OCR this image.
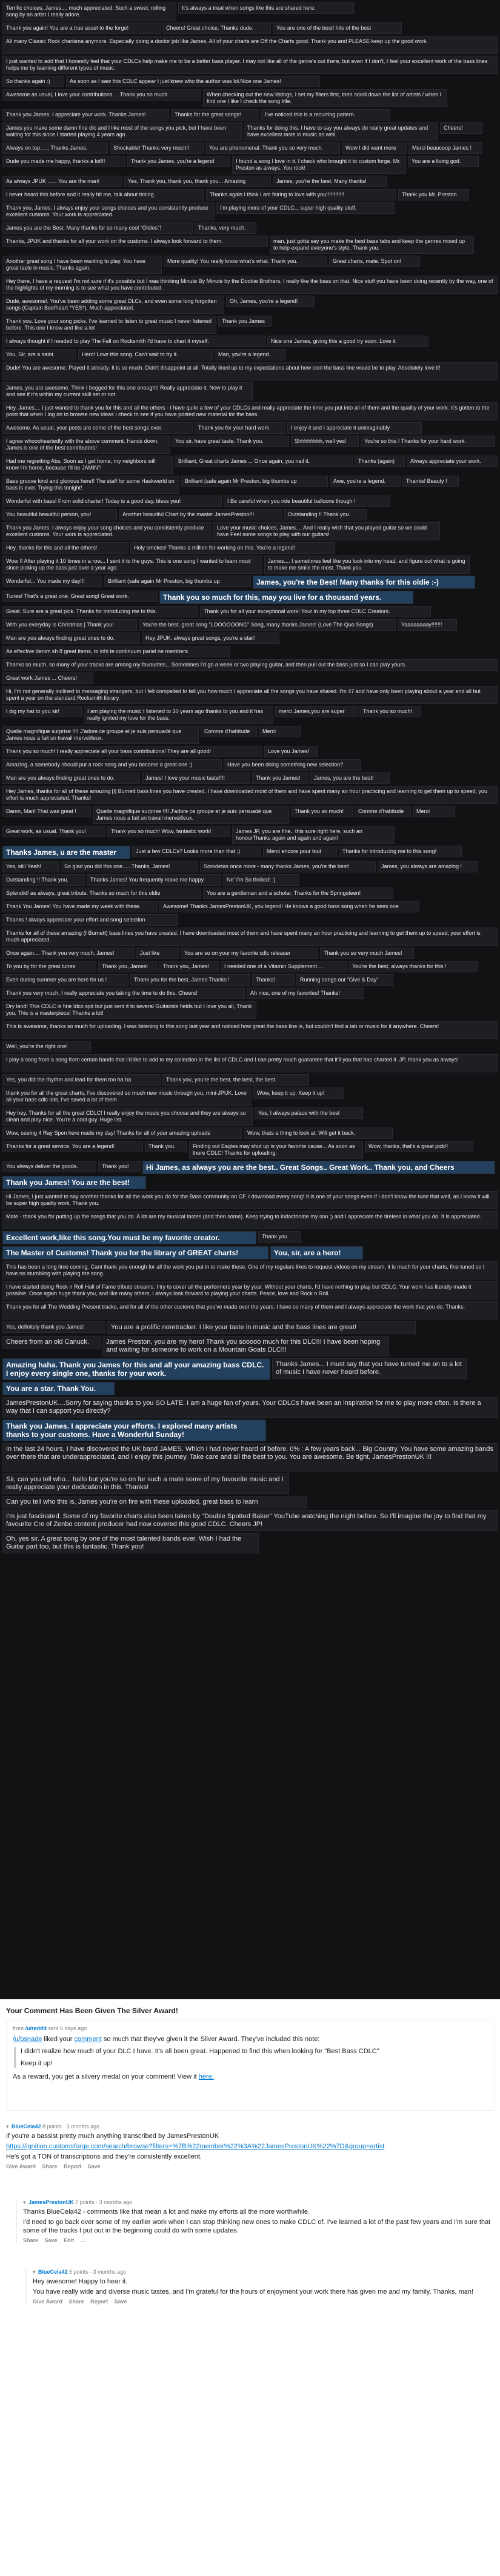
Terrific choices, James.... much appreciated. Such a sweet, rolling song by an artist I really adore.
It's always a treat when songs like this are shared here.
Thank you again! You are a true asset to the forge!	Cheers! Great choice. Thanks dude.	You are one of the best! hits of the best
All many Classic Rock charisma anymore. Especially doing a doctor job like James. All of your charts are Off the Charts good. Thank you and PLEASE keep up the good work.
I just wanted to add that I honestly feel that your CDLCs help make me to be a better bass player. I may not like all of the genre's out there, but even if I don't, I feel your excellent work of the bass lines helps me by learning different types of music.
So thanks again :)	As soon as I saw this CDLC appear I just knew who the author was lol.Nice one James!
Awesome as usual, I love your contributions ... Thank you so much	When checking out the new listings, I set my filters first, then scroll down the list of artists / when I find one I like I check the song title.
Thank you James. I appreciate your work. Thanks James!	Thanks for the great songs!	I've noticed this is a recurring pattern.
James you make some damn fine dlc and I like most of the songs you pick, but I have been waiting for this since I started playing 4 years ago.
Thanks for doing this. I have to say you always do really great updates and have excellent taste in music as well.
Cheers!
Always on top...... Thanks James.	Shockable! Thanks very much!!	You are phenomenal. Thank you so very much.	Wow I did want more	Merci beaucoup James !
Dude you made me happy, thanks a lot!!!	Thank you James, you're a legend	I found a song I love in it. I check who brought it to custom forge. Mr. Preston as always. You rock!
You are a living god.
As always JPUK ...... You are the man!	Yes, Thank you, thank you, thank you... Amazing	James, you're the best. Many thanks!
I never heard this before and it really hit me, talk about timing.	Thanks again I think I am fairing to love with you!!!!!!!!!!!!	Thank you Mr. Preston
Thank you, James. I always enjoy your songs choices and you consistently produce excellent customs. Your work is appreciated.
I'm playing more of your CDLC... super high quality stuff.
James you are the Best. Many thanks for so many cool "Oldies"!	Thanks, very much.
Thanks, JPUK and thanks for all your work on the customs. I always look forward to them.	man, just gotta say you make the best bass tabs and keep the genres mixed up to help expand everyone's style. Thank you.
Another great song I have been wanting to play. You have great taste in music. Thanks again.
More quality! You really know what's what. Thank you.	Great charts, mate. Spot on!
Hey there, I have a request I'm not sure if it's possible but I was thinking Minute By Minute by the Doobie Brothers, I really like the bass on that. Nice stuff you have been doing recently by the way, one of the highlights of my morning is to see what you have contributed.
Dude, awesome!. You've been adding some great DLCs, and even some long forgotten songs (Captain Beefheart *YES*). Much appreciated.
Oh, James, you're a legend!
Thank you. Love your song picks. I've learned to listen to great music I never listened before. This one I know and like a lot
Thank you James
I always thought if I needed to play The Fall on Rocksmith I'd have to chart it myself.	Nice one James, giving this a good try soon. Love it
You, Sir, are a saint.	Hero! Love this song. Can't wait to try it.	Man, you're a legend.
Dude! You are awesome. Played it already. It is so much. Didn't disappoint at all. Totally lined up to my expectations about how cool the bass line would be to play. Absolutely love it!
James, you are awesome. Think I begged for this one enought! Really appreciate it. Now to play it and see if it's within my current skill set or not.
Hey, James.... I just wanted to thank you for this and all the others - I have quite a few of your CDLCs and really appreciate the time you put into all of them and the quality of your work. It's gotten to the point that when I log on to browse new ideas I check to see if you have posted new material for the bass.
Awesome. As usual, your posts are some of the best songs ever.	Thank you for your hard work	I enjoy it and I appreciate it unimaginably
I agree whoooheartedly with the above comment. Hands down, James is one of the best contributors!
You sir, have great taste. Thank you.	Shhhhhhhh, well yes!	You're so this ! Thanks for your hard work.
Had me regretting Abs. Soon as I get home, my neighbors will know I'm home, because I'll be JAMIN'!
Brilliant, Great charts James ... Once again, you nail it.	Thanks (again)	Always appreciate your work.
Bass groove kind and glorious here!! The staff for some Haskwerld on bass is ever. Trying this tonight!
Brilliant (safe again Mr Preston, big thumbs up	Awe, you're a legend.	Thanks! Beauty !
Wonderful with bass! From solid charter! Today is a good day, bless you!	I Be careful when you ride beautiful balloons though !
You beautiful beautiful person, you!	Another beautiful Chart by the master JamesPreston!!!	Outstanding !! Thank you.
Thank you James. I always enjoy your song choices and you consistently produce excellent customs. Your work is appreciated.
Love your music choices, James.... And I really wish that you played guitar so we could have Feel some songs to play with our guitars!
Hey, thanks for this and all the others!	Holy smokes! Thanks a million for working on this. You're a legend!
Wow !! After playing it 10 times in a row... I sent it to the guys. This is one song I wanted to learn most since picking up the bass just over a year ago.
James.... I sometimes feel like you look into my head, and figure out what is going to make me smile the most. Thank you.
Wonderful... You made my day!!!	Brilliant (safe again Mr Preston, big thumbs up	James, you're the Best! Many thanks for this oldie :-)
Tunes! That's a great one. Great song! Great work.	Thank you so much for this, may you live for a thousand years.
Great. Sure are a great pick. Thanks for introducing me to this.	Thank you for all your exceptional work! Your in my top three CDLC Creators.
With you everyday is Christmas | Thank you!	You're the best, great song "LOOOOOONG" Song, many thanks James! (Love The Quo Songs)	Yaaaaaaaay!!!!!!!
Man are you always finding great ones to do.	Hey JPUK, always great songs, you're a star!
As effective denim sh 8 great items, to inhi te continuum pariel ne members
Thanks so much, so many of your tracks are among my favourites... Sometimes I'd go a week or two playing guitar, and then pull out the bass just so I can play yours.
Great work James ... Cheers!
Hi, I'm not generally inclined to messaging strangers, but I felt compelled to tell you how much I appreciate all the songs you have shared. I'm 47 and have only been playing about a year and all but spent a year on the standard Rocksmith library.
I dig my hat to you sir!	I am playing the music I listened to 30 years ago thanks to you and it has really ignited my love for the bass.
merci James,you are super	Thank you so much!
Quelle magnifique surprise !!!! J'adore ce groupe et je suis persuadé que James nous a fait un travail merveilleux.
Comme d'habitude	Merci
Thank you so much! I really appreciate all your bass contributions! They are all good!	Love you James!
Amazing, a somebody should put a rock song and you become a great one :)	Have you been doing something new selection?
Man are you always finding great ones to do.	James! I love your music taste!!!!	Thank you James!	James, you are the best!
Hey James, thanks for all of these amazing [I] Burnett bass lines you have created. I have downloaded most of them and have spent many an hour practicing and learning to get them up to speed, you effort is much appreciated. Thanks!
Damn, Man! That was great !	Quelle magnifique surprise !!!! J'adore ce groupe et je suis persuadé que James nous a fait un travail merveilleux.
Thank you so much!	Comme d'habitude	Merci
Great work, as usual. Thank you!	Thank you so much! Wow, fantastic work!	James JP, you are fine.. this sure right here, such an honourThanks again and again and again!
Thanks James, u are the master	Just a few CDLCs? Looks more than that ;)	Merci encore pour tout	Thanks for introducing me to this song!
Yes, still Yeah!	So glad you did this one..... Thanks, James!	Sorodetas once more - many thanks James, you're the best!	James, you always are amazing !
Outstanding !! Thank you.	Thanks James! You frequently make me happy.	Ne' I'm So thrilled! :)
Splendid! as always, great tribute. Thanks so much for this oldie	You are a gentleman and a scholar. Thanks for the Springsteen!
Thank You James! You have made my week with these.	Awesome! Thanks JamesPrestonUK, you legend! He knows a good bass song when he sees one
Thanks ! always appreciate your effort and song selection
Thanks for all of these amazing (I Burnett) bass lines you have created. I have downloaded most of them and have spent many an hour practicing and learning to get them up to speed, your effort is much appreciated.
Once again.... Thank you very much, James!	Just like	You are so on your my favorite cdlc releaser	Thank you so very much James!
To you by for the great tunes	Thank you, James!	Thank you, James!	I needed one of a Vitamin Supplement....	You're the best, always thanks for this !
Even during summer you are here for us !	Thank you for the best, James Thanks !	Thanks!	Running songs out "Give & Day"
Thank you very much, I really appreciate you taking the time to do this. Cheers!	Ah nice, one of my favorites! Thanks!
Dry land! This CDLC is fine Idco spit but just sent it to several Guitarists fields but I love you all, Thank you. This is a masterpiece! Thanks a lot!
This is awesome, thanks so much for uploading. I was listening to this song last year and noticed how great the bass line is, but couldn't find a tab or music for it anywhere. Cheers!
Well, you're the right one!
I play a song from a song from certain bands that I'd like to add to my collection in the list of CDLC and I can pretty much guarantee that it'll you that has charted it. JP, thank you as always!
Yes, you did the rhythm and lead for them too ha ha	Thank you, you're the best, the best, the best.
thank you for all the great charts, I've discovered so much new music through you, mini-JPUK. Love all your bass cdlc lots. I've saved a lot of them
Wow, keep it up. Keep it up!
Hey hey. Thanks for all the great CDLC! I really enjoy the music you choose and they are always so clean and play nice. You're a cool guy. Huge list.
Yes, I always palace with the best
Wow, seeing 4 Ray Spen here made my day! Thanks for all of your amazing uploads	Wow, thats a thing to look at. Will get it back.
Thanks for a great service. You are a legend!	Thank you.	Finding out Eagles may shut up is your favorite cause... As soon as there CDLC! Thanks for uploading.
Wow, thanks, that's a great pick!!
You always deliver the goods.	Thank you!	Hi James, as always you are the best.. Great Songs.. Great Work.. Thank you, and Cheers
Thank you James! You are the best!
Hi James, I just wanted to say another thanks for all the work you do for the Bass community on CF. I download every song! It is one of your songs even if I don't know the tune that well, as I know it will be super high quality work. Thank you.
Mate - thank you for putting up the songs that you do. A lot are my musical tastes (and then some). Keep trying to indoctrinate my son ;) and I appreciate the tireless in what you do. It is appreciated.
Excellent work,like this song.You must be my favorite creator.	Thank you
The Master of Customs! Thank you for the library of GREAT charts!	You, sir, are a hero!
This has been a long time coming. Cant thank you enough for all the work you put in to make these. One of my regulars likes to request videos on my stream, it is much for your charts, fine-tuned so I have no stumbling with playing the song
I have started doing Rock n Roll Hall of Fame tribute streams. I try to cover all the performers year by year. Without your charts, I'd have nothing to play but CDLC. Your work has literally made it possible. Once again huge thank you, and like many others, I always look forward to playing your charts. Peace, love and Rock n Roll.
Thank you for all The Wedding Present tracks, and for all of the other customs that you've made over the years. I have so many of them and I always appreciate the work that you do. Thanks.
Yes, definitely thank you James!	You are a prolific noretracker. I like your taste in music and the bass lines are great!
Cheers from an old Canuck.	James Preston, you are my hero! Thank you sooooo much for this DLC!!! I have been hoping and waiting for someone to work on a Mountain Goats DLC!!!
Amazing haha. Thank you James for this and all your amazing bass CDLC. I enjoy every single one, thanks for your work.
Thanks James... I must say that you have turned me on to a lot of music I have never heard before.
You are a star. Thank You.
JamesPrestonUK....Sorry for saying thanks to you SO LATE. I am a huge fan of yours. Your CDLCs have been an inspiration for me to play more often. Is there a way that I can support you directly?
Thank you James. I appreciate your efforts. I explored many artists thanks to your customs. Have a Wonderful Sunday!
In the last 24 hours, I have discovered the UK band JAMES. Which I had never heard of before. 0% : A few years back... Big Country. You have some amazing bands over there that are underappreciated, and I enjoy this journey. Take care and all the best to you. You are awesome. Be tight, JamesPrestonUK !!!
Sir, can you tell who... hallo but you're so on for such a mate some of my favourite music and I really appreciate your dedication in this. Thanks!
Can you tell who this is, James you're on fire with these uploaded, great bass to learn
I'm just fascinated. Some of my favorite charts also been taken by "Double Spotted Baker" YouTube watching the night before. So I'll imagine the joy to find that my favourite Cre of Zenbo content producer had now covered this good CDLC. Cheers JP!
Oh, yes sir. A great song by one of the most talented bands ever. Wish I had the Guitar part too, but this is fantastic. Thank you!
Your Comment Has Been Given The Silver Award!
from /u/reddit sent 6 days ago
/u/bsnade liked your comment so much that they've given it the Silver Award. They've included this note:
I didn't realize how much of your DLC I have. It's all been great. Happened to find this when looking for "Best Bass CDLC"
Keep it up!
As a reward, you get a silvery medal on your comment! View it here.
▾ BlueCela42 8 points · 3 months ago
If you're a bassist pretty much anything transcribed by JamesPrestonUK
https://ignition.customsforge.com/search/browse?filters=%7B%22member%22%3A%22JamesPrestonUK%22%7D&group=artist
He's got a TON of transcriptions and they're consistently excellent.
Give Award Share Report Save
▾ JamesPrestonUK 7 points · 3 months ago
Thanks BlueCela42 - comments like that mean a lot and make my efforts all the more worthwhile.
I'd need to go back over some of my earlier work when I can stop thinking new ones to make CDLC of. I've learned a lot of the past few years and I'm sure that some of the tracks I put out in the beginning could do with some updates.
Share Save Edit ...
▾ BlueCela42 5 points · 3 months ago
Hey awesome! Happy to hear it.
You have really wide and diverse music tastes, and I'm grateful for the hours of enjoyment your work there has given me and my family. Thanks, man!
Give Award Share Report Save
